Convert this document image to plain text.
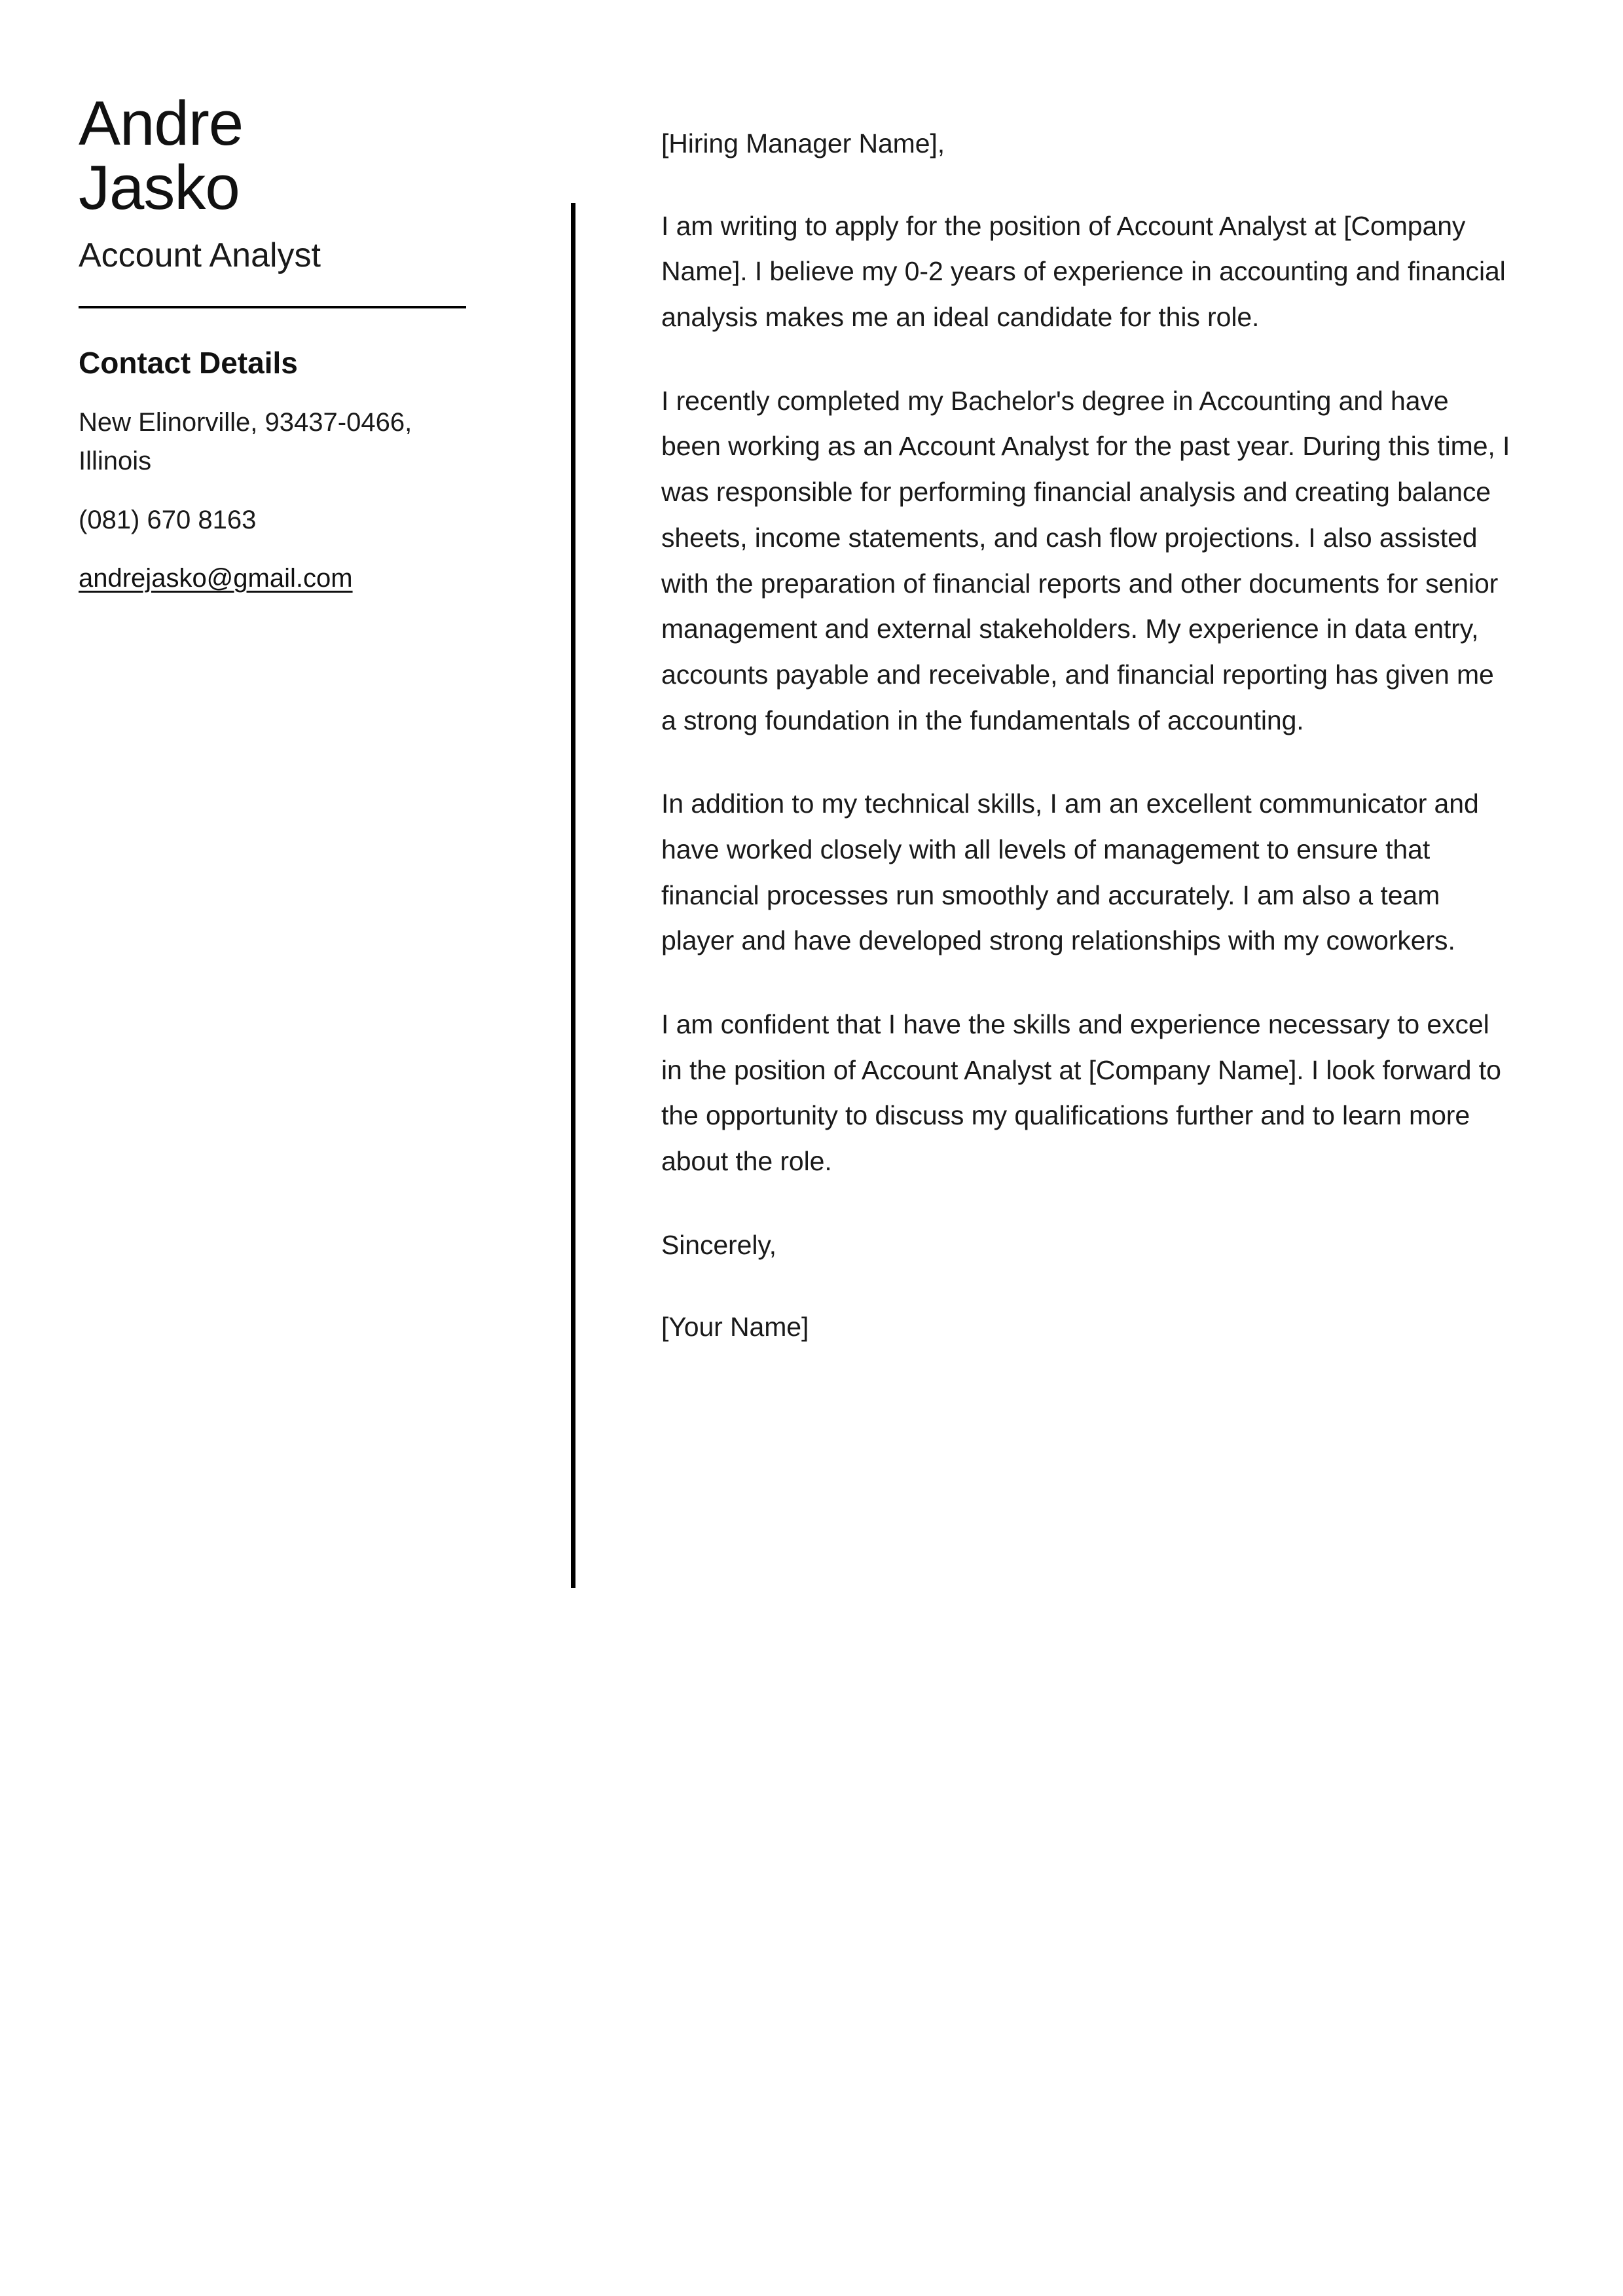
Andre
Jasko
Account Analyst
Contact Details
New Elinorville, 93437-0466, Illinois
(081) 670 8163
andrejasko@gmail.com

[Hiring Manager Name],

I am writing to apply for the position of Account Analyst at [Company Name]. I believe my 0-2 years of experience in accounting and financial analysis makes me an ideal candidate for this role.

I recently completed my Bachelor's degree in Accounting and have been working as an Account Analyst for the past year. During this time, I was responsible for performing financial analysis and creating balance sheets, income statements, and cash flow projections. I also assisted with the preparation of financial reports and other documents for senior management and external stakeholders. My experience in data entry, accounts payable and receivable, and financial reporting has given me a strong foundation in the fundamentals of accounting.

In addition to my technical skills, I am an excellent communicator and have worked closely with all levels of management to ensure that financial processes run smoothly and accurately. I am also a team player and have developed strong relationships with my coworkers.

I am confident that I have the skills and experience necessary to excel in the position of Account Analyst at [Company Name]. I look forward to the opportunity to discuss my qualifications further and to learn more about the role.

Sincerely,

[Your Name]
